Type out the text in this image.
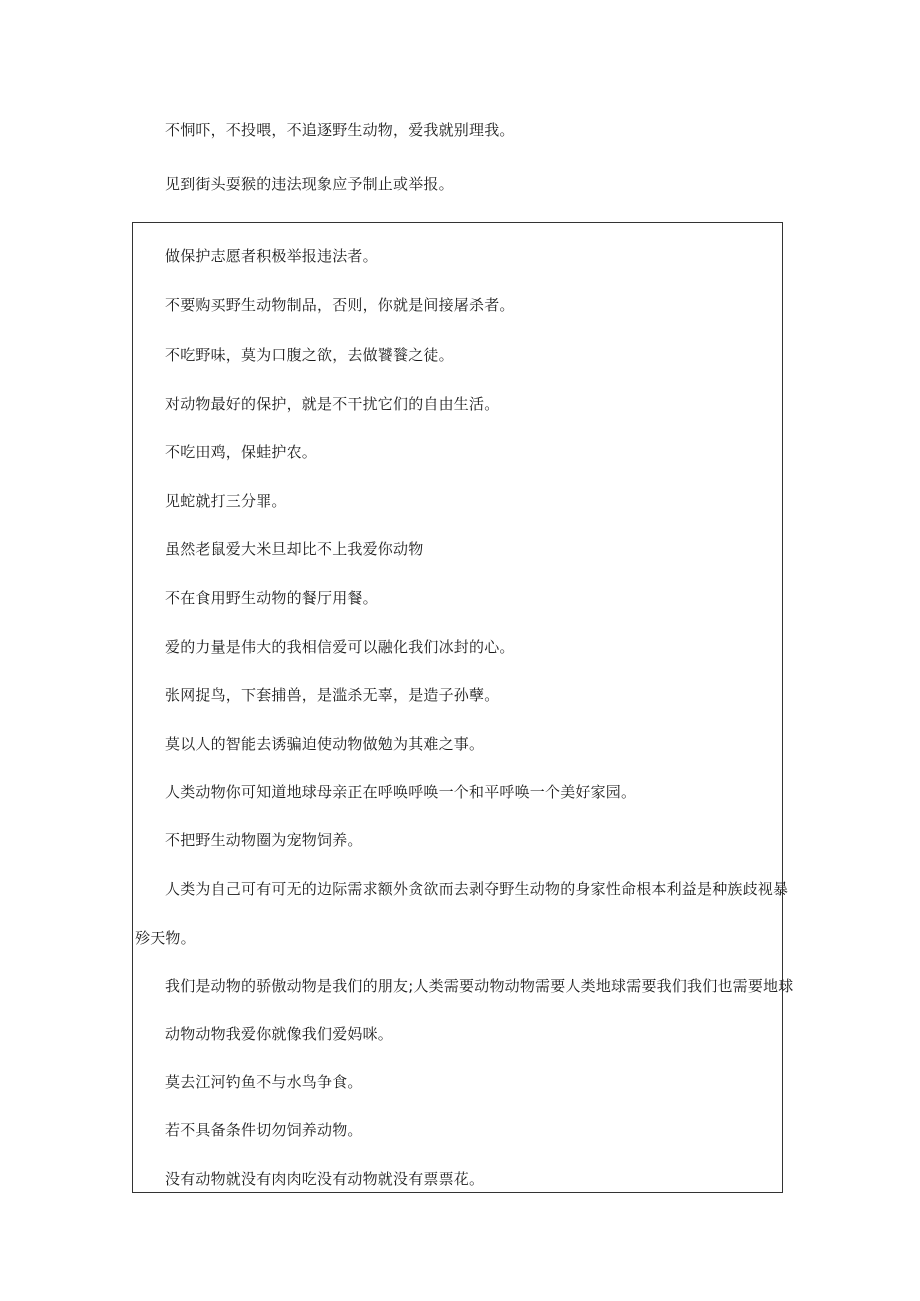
不恫吓，不投喂，不追逐野生动物，爱我就别理我。
见到街头耍猴的违法现象应予制止或举报。
做保护志愿者积极举报违法者。
不要购买野生动物制品，否则，你就是间接屠杀者。
不吃野味，莫为口腹之欲，去做饕餮之徒。
对动物最好的保护，就是不干扰它们的自由生活。
不吃田鸡，保蛙护农。
见蛇就打三分罪。
虽然老鼠爱大米旦却比不上我爱你动物
不在食用野生动物的餐厅用餐。
爱的力量是伟大的我相信爱可以融化我们冰封的心。
张网捉鸟，下套捕兽，是滥杀无辜，是造子孙孽。
莫以人的智能去诱骗迫使动物做勉为其难之事。
人类动物你可知道地球母亲正在呼唤呼唤一个和平呼唤一个美好家园。
不把野生动物圈为宠物饲养。
人类为自己可有可无的边际需求额外贪欲而去剥夺野生动物的身家性命根本利益是种族歧视暴
殄天物。
我们是动物的骄傲动物是我们的朋友;人类需要动物动物需要人类地球需要我们我们也需要地球
动物动物我爱你就像我们爱妈咪。
莫去江河钓鱼不与水鸟争食。
若不具备条件切勿饲养动物。
没有动物就没有肉肉吃没有动物就没有票票花。
